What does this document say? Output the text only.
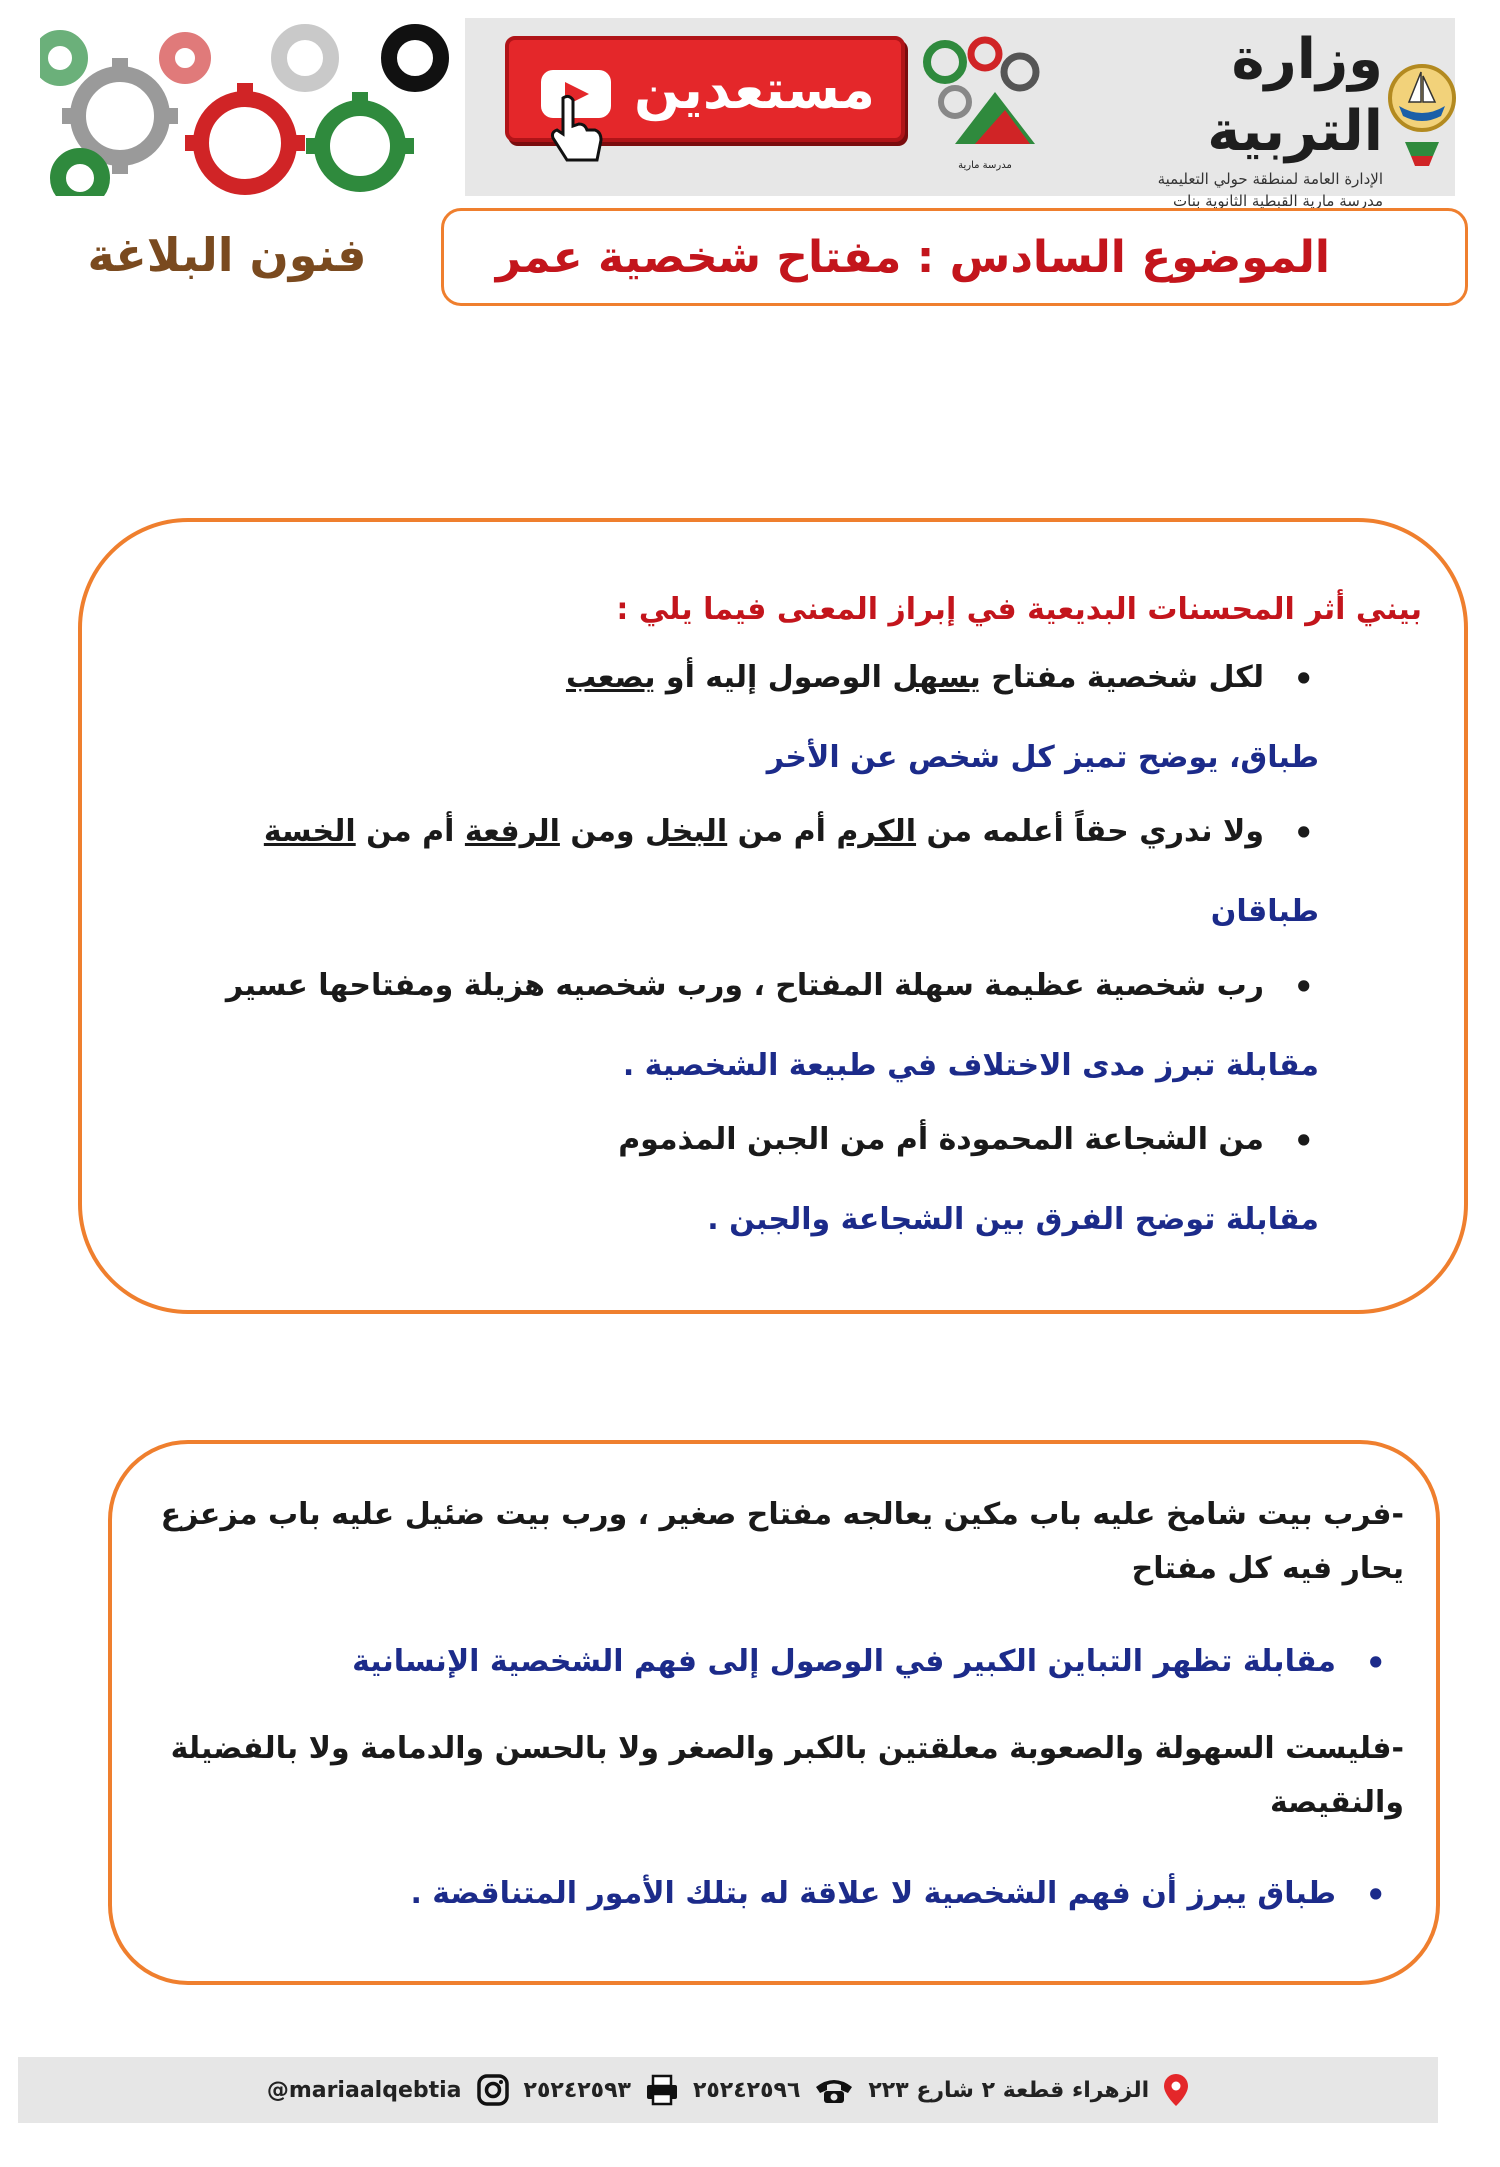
مستعدين
مدرسة مارية
وزارة التربية
الإدارة العامة لمنطقة حولي التعليمية
مدرسة مارية القبطية الثانوية بنات
الموضوع السادس : مفتاح شخصية عمر
فنون البلاغة
بيني أثر المحسنات البديعية في إبراز المعنى فيما يلي :
• لكل شخصية مفتاح يسهل الوصول إليه أو يصعب
طباق، يوضح تميز كل شخص عن الأخر
• ولا ندري حقاً أعلمه من الكرم أم من البخل ومن الرفعة أم من الخسة
طباقان
• رب شخصية عظيمة سهلة المفتاح ، ورب شخصيه هزيلة ومفتاحها عسير
مقابلة تبرز مدى الاختلاف في طبيعة الشخصية .
• من الشجاعة المحمودة أم من الجبن المذموم
مقابلة توضح الفرق بين الشجاعة والجبن .
-فرب بيت شامخ عليه باب مكين يعالجه مفتاح صغير ، ورب بيت ضئيل عليه باب مزعزع يحار فيه كل مفتاح
• مقابلة تظهر التباين الكبير في الوصول إلى فهم الشخصية الإنسانية
-فليست السهولة والصعوبة معلقتين بالكبر والصغر ولا بالحسن والدمامة ولا بالفضيلة والنقيصة
• طباق يبرز أن فهم الشخصية لا علاقة له بتلك الأمور المتناقضة .
@mariaalqebtia	٢٥٢٤٢٥٩٣	٢٥٢٤٢٥٩٦	الزهراء قطعة ٢ شارع ٢٢٣
